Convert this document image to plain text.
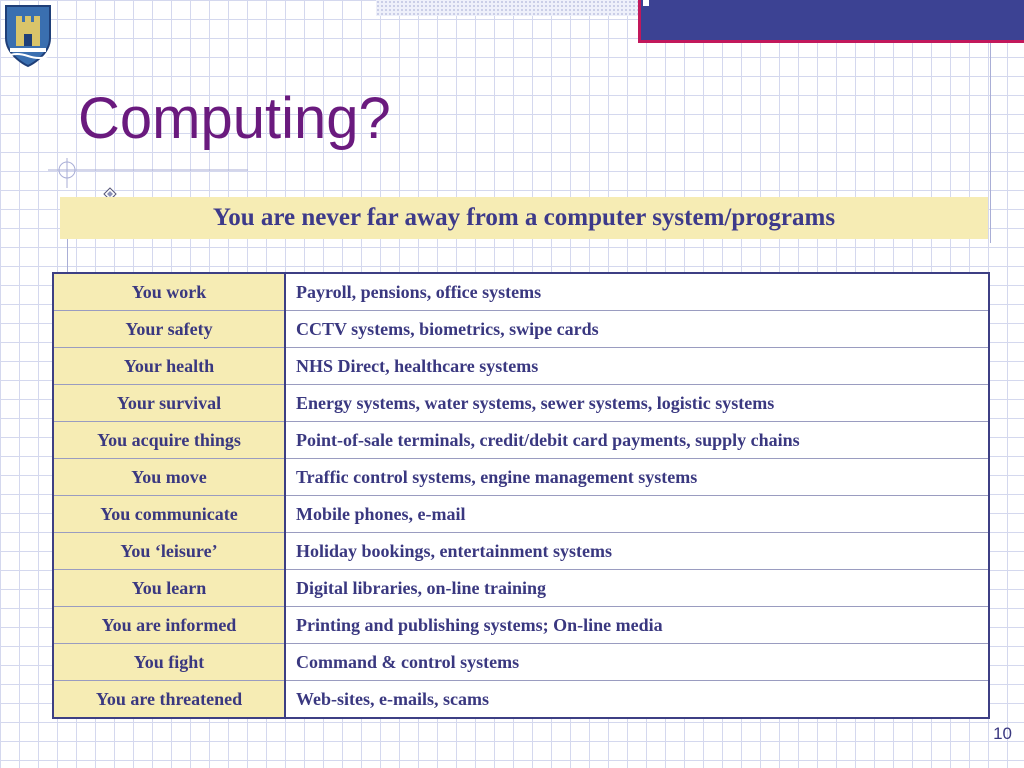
Computing?
You are never far away from a computer system/programs
You work	Payroll, pensions, office systems
Your safety	CCTV systems, biometrics, swipe cards
Your health	NHS Direct, healthcare systems
Your survival	Energy systems, water systems, sewer systems, logistic systems
You acquire things	Point-of-sale terminals, credit/debit card payments, supply chains
You move	Traffic control systems, engine management systems
You communicate	Mobile phones, e-mail
You ‘leisure’	Holiday bookings, entertainment systems
You learn	Digital libraries, on-line training
You are informed	Printing and publishing systems; On-line media
You fight	Command & control systems
You are threatened	Web-sites, e-mails, scams
10
